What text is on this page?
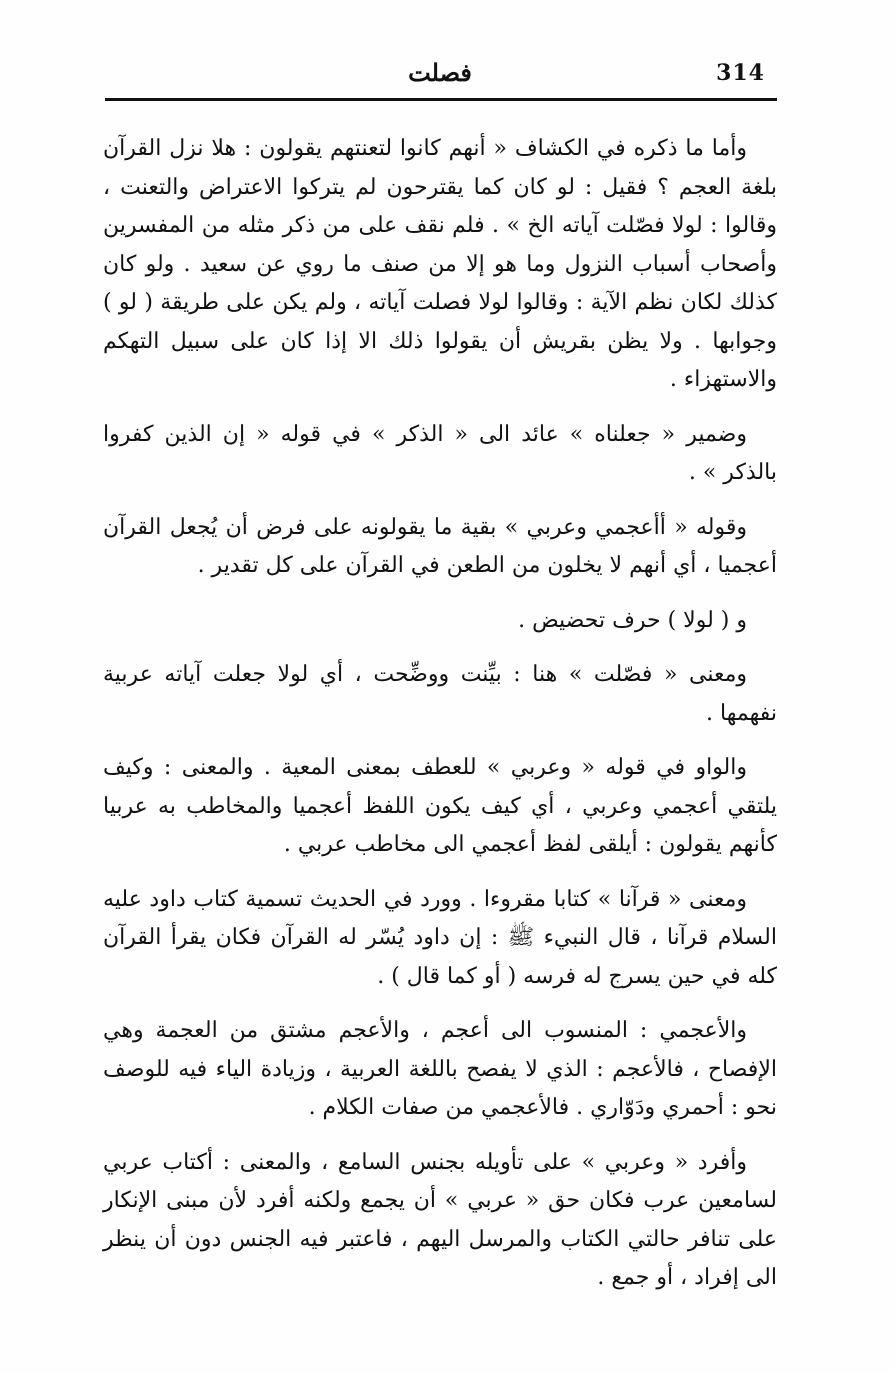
314
فصلت

وأما ما ذكره في الكشاف « أنهم كانوا لتعنتهم يقولون : هلا نزل القرآن بلغة العجم ؟ فقيل : لو كان كما يقترحون لم يتركوا الاعتراض والتعنت ، وقالوا : لولا فصّلت آياته الخ » . فلم نقف على من ذكر مثله من المفسرين وأصحاب أسباب النزول وما هو إلا من صنف ما روي عن سعيد . ولو كان كذلك لكان نظم الآية : وقالوا لولا فصلت آياته ، ولم يكن على طريقة ( لو ) وجوابها . ولا يظن بقريش أن يقولوا ذلك الا إذا كان على سبيل التهكم والاستهزاء .

وضمير « جعلناه » عائد الى « الذكر » في قوله « إن الذين كفروا بالذكر » .

وقوله « أأعجمي وعربي » بقية ما يقولونه على فرض أن يُجعل القرآن أعجميا ، أي أنهم لا يخلون من الطعن في القرآن على كل تقدير .

و ( لولا ) حرف تحضيض .

ومعنى « فصّلت » هنا : بيِّنت ووضِّحت ، أي لولا جعلت آياته عربية نفهمها .

والواو في قوله « وعربي » للعطف بمعنى المعية . والمعنى : وكيف يلتقي أعجمي وعربي ، أي كيف يكون اللفظ أعجميا والمخاطب به عربيا كأنهم يقولون : أيلقى لفظ أعجمي الى مخاطب عربي .

ومعنى « قرآنا » كتابا مقروءا . وورد في الحديث تسمية كتاب داود عليه السلام قرآنا ، قال النبيء ﷺ : إن داود يُسّر له القرآن فكان يقرأ القرآن كله في حين يسرج له فرسه ( أو كما قال ) .

والأعجمي : المنسوب الى أعجم ، والأعجم مشتق من العجمة وهي الإفصاح ، فالأعجم : الذي لا يفصح باللغة العربية ، وزيادة الياء فيه للوصف نحو : أحمري ودَوّاري . فالأعجمي من صفات الكلام .

وأفرد « وعربي » على تأويله بجنس السامع ، والمعنى : أكتاب عربي لسامعين عرب فكان حق « عربي » أن يجمع ولكنه أفرد لأن مبنى الإنكار على تنافر حالتي الكتاب والمرسل اليهم ، فاعتبر فيه الجنس دون أن ينظر الى إفراد ، أو جمع .
